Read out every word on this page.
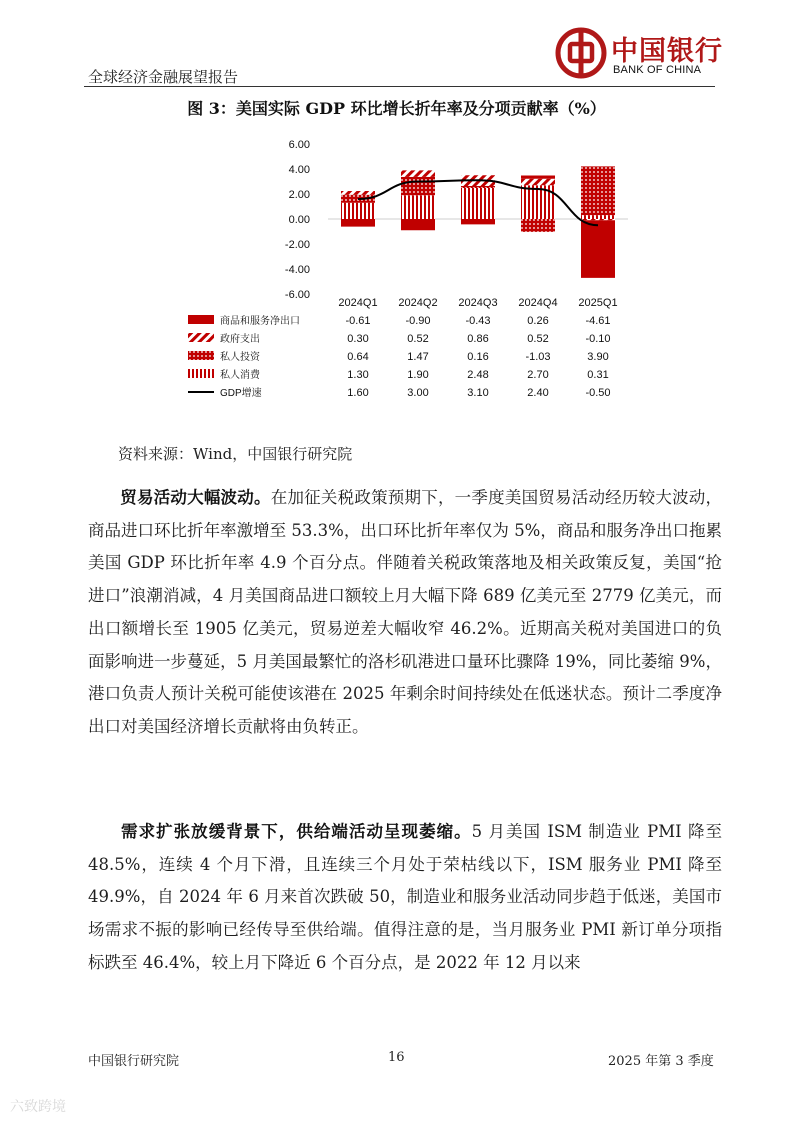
全球经济金融展望报告
中国银行
BANK OF CHINA
图 3：美国实际 GDP 环比增长折年率及分项贡献率（%）
6.00
4.00
2.00
0.00
-2.00
-4.00
-6.00
2024Q1 2024Q2 2024Q3 2024Q4 2025Q1
商品和服务净出口	-0.61	-0.90	-0.43	0.26	-4.61
政府支出	0.30	0.52	0.86	0.52	-0.10
私人投资	0.64	1.47	0.16	-1.03	3.90
私人消费	1.30	1.90	2.48	2.70	0.31
GDP增速	1.60	3.00	3.10	2.40	-0.50
资料来源：Wind，中国银行研究院
贸易活动大幅波动。在加征关税政策预期下，一季度美国贸易活动经历较大波动，商品进口环比折年率激增至 53.3%，出口环比折年率仅为 5%，商品和服务净出口拖累美国 GDP 环比折年率 4.9 个百分点。伴随着关税政策落地及相关政策反复，美国“抢进口”浪潮消减，4 月美国商品进口额较上月大幅下降 689 亿美元至 2779 亿美元，而出口额增长至 1905 亿美元，贸易逆差大幅收窄 46.2%。近期高关税对美国进口的负面影响进一步蔓延，5 月美国最繁忙的洛杉矶港进口量环比骤降 19%，同比萎缩 9%，港口负责人预计关税可能使该港在 2025 年剩余时间持续处在低迷状态。预计二季度净出口对美国经济增长贡献将由负转正。
需求扩张放缓背景下，供给端活动呈现萎缩。5 月美国 ISM 制造业 PMI 降至 48.5%，连续 4 个月下滑，且连续三个月处于荣枯线以下，ISM 服务业 PMI 降至 49.9%，自 2024 年 6 月来首次跌破 50，制造业和服务业活动同步趋于低迷，美国市场需求不振的影响已经传导至供给端。值得注意的是，当月服务业 PMI 新订单分项指标跌至 46.4%，较上月下降近 6 个百分点，是 2022 年 12 月以来
中国银行研究院	16	2025 年第 3 季度
六致跨境
